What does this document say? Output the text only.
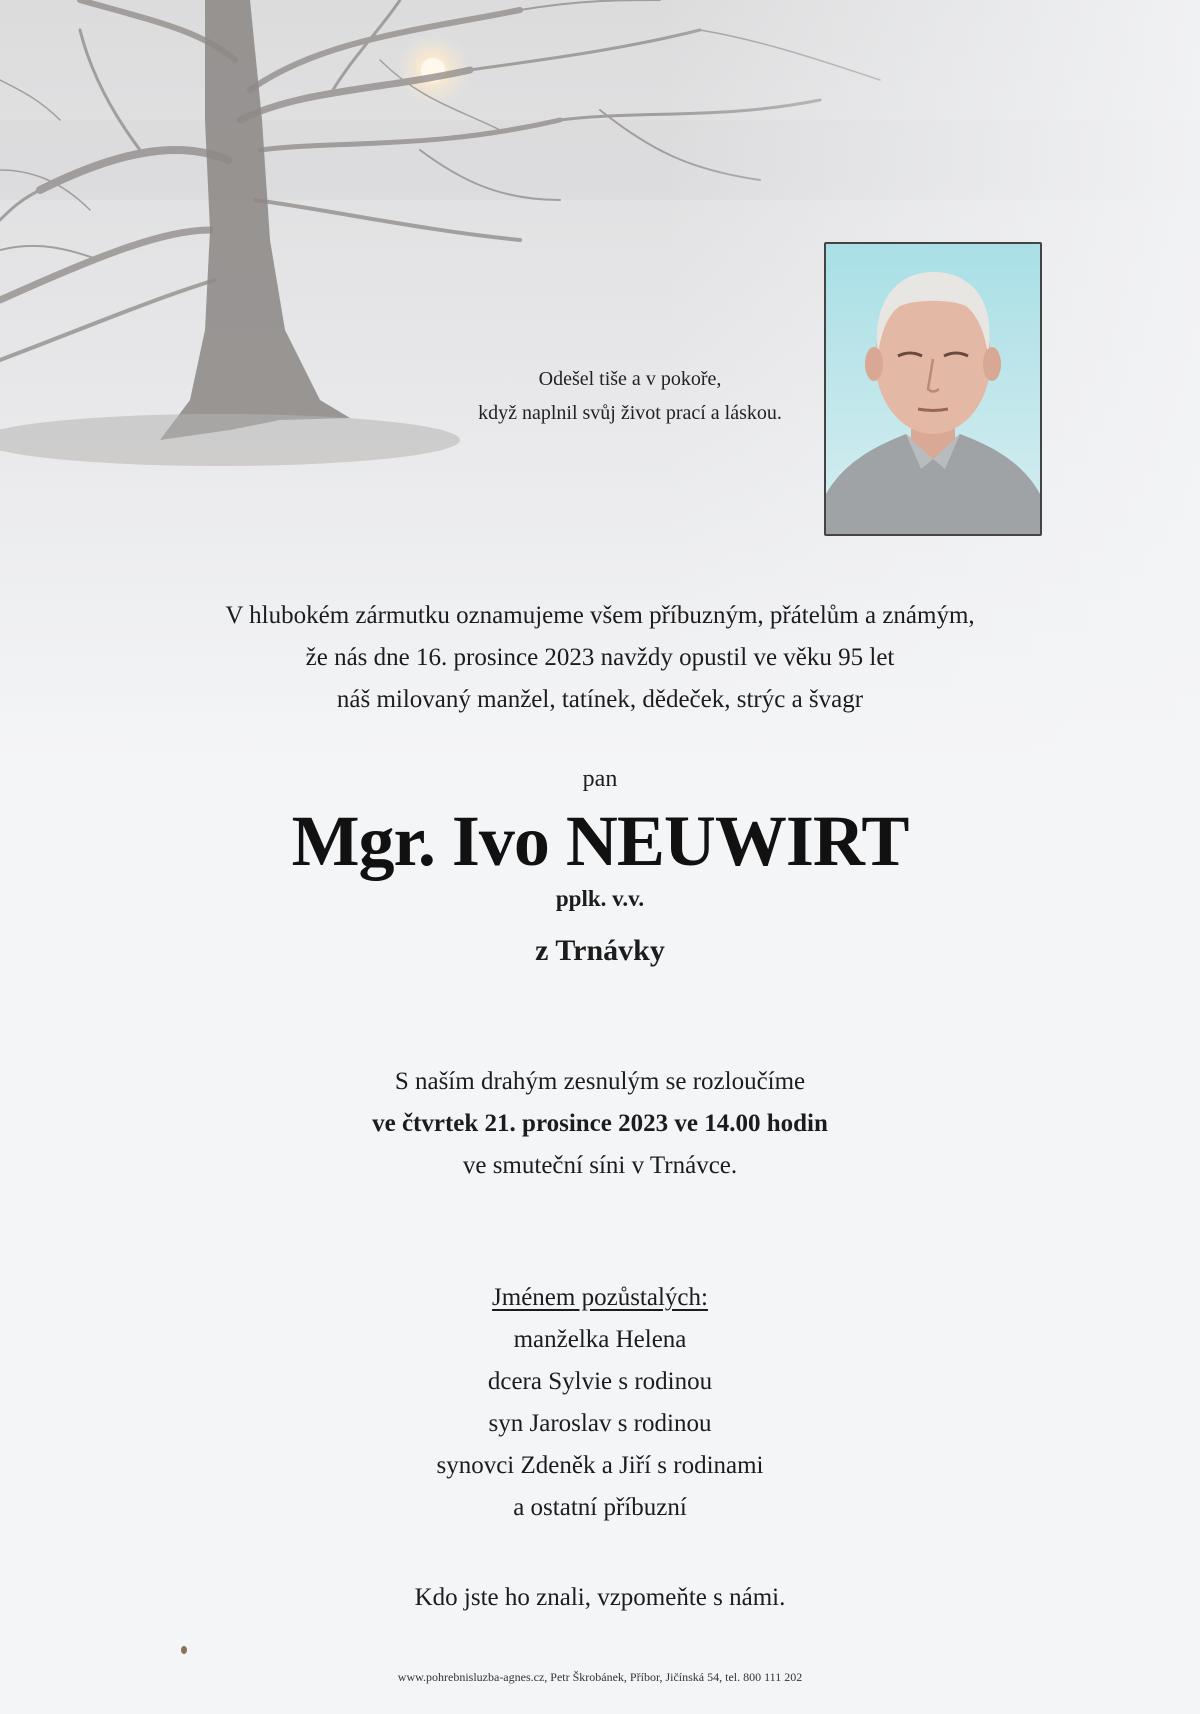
Odešel tiše a v pokoře,
když naplnil svůj život prací a láskou.
V hlubokém zármutku oznamujeme všem příbuzným, přátelům a známým,
že nás dne 16. prosince 2023 navždy opustil ve věku 95 let
náš milovaný manžel, tatínek, dědeček, strýc a švagr
pan
Mgr. Ivo NEUWIRT
pplk. v.v.
z Trnávky
S naším drahým zesnulým se rozloučíme
ve čtvrtek 21. prosince 2023 ve 14.00 hodin
ve smuteční síni v Trnávce.
Jménem pozůstalých:
manželka Helena
dcera Sylvie s rodinou
syn Jaroslav s rodinou
synovci Zdeněk a Jiří s rodinami
a ostatní příbuzní
Kdo jste ho znali, vzpomeňte s námi.
www.pohrebnisluzba-agnes.cz, Petr Škrobánek, Příbor, Jičínská 54, tel. 800 111 202
